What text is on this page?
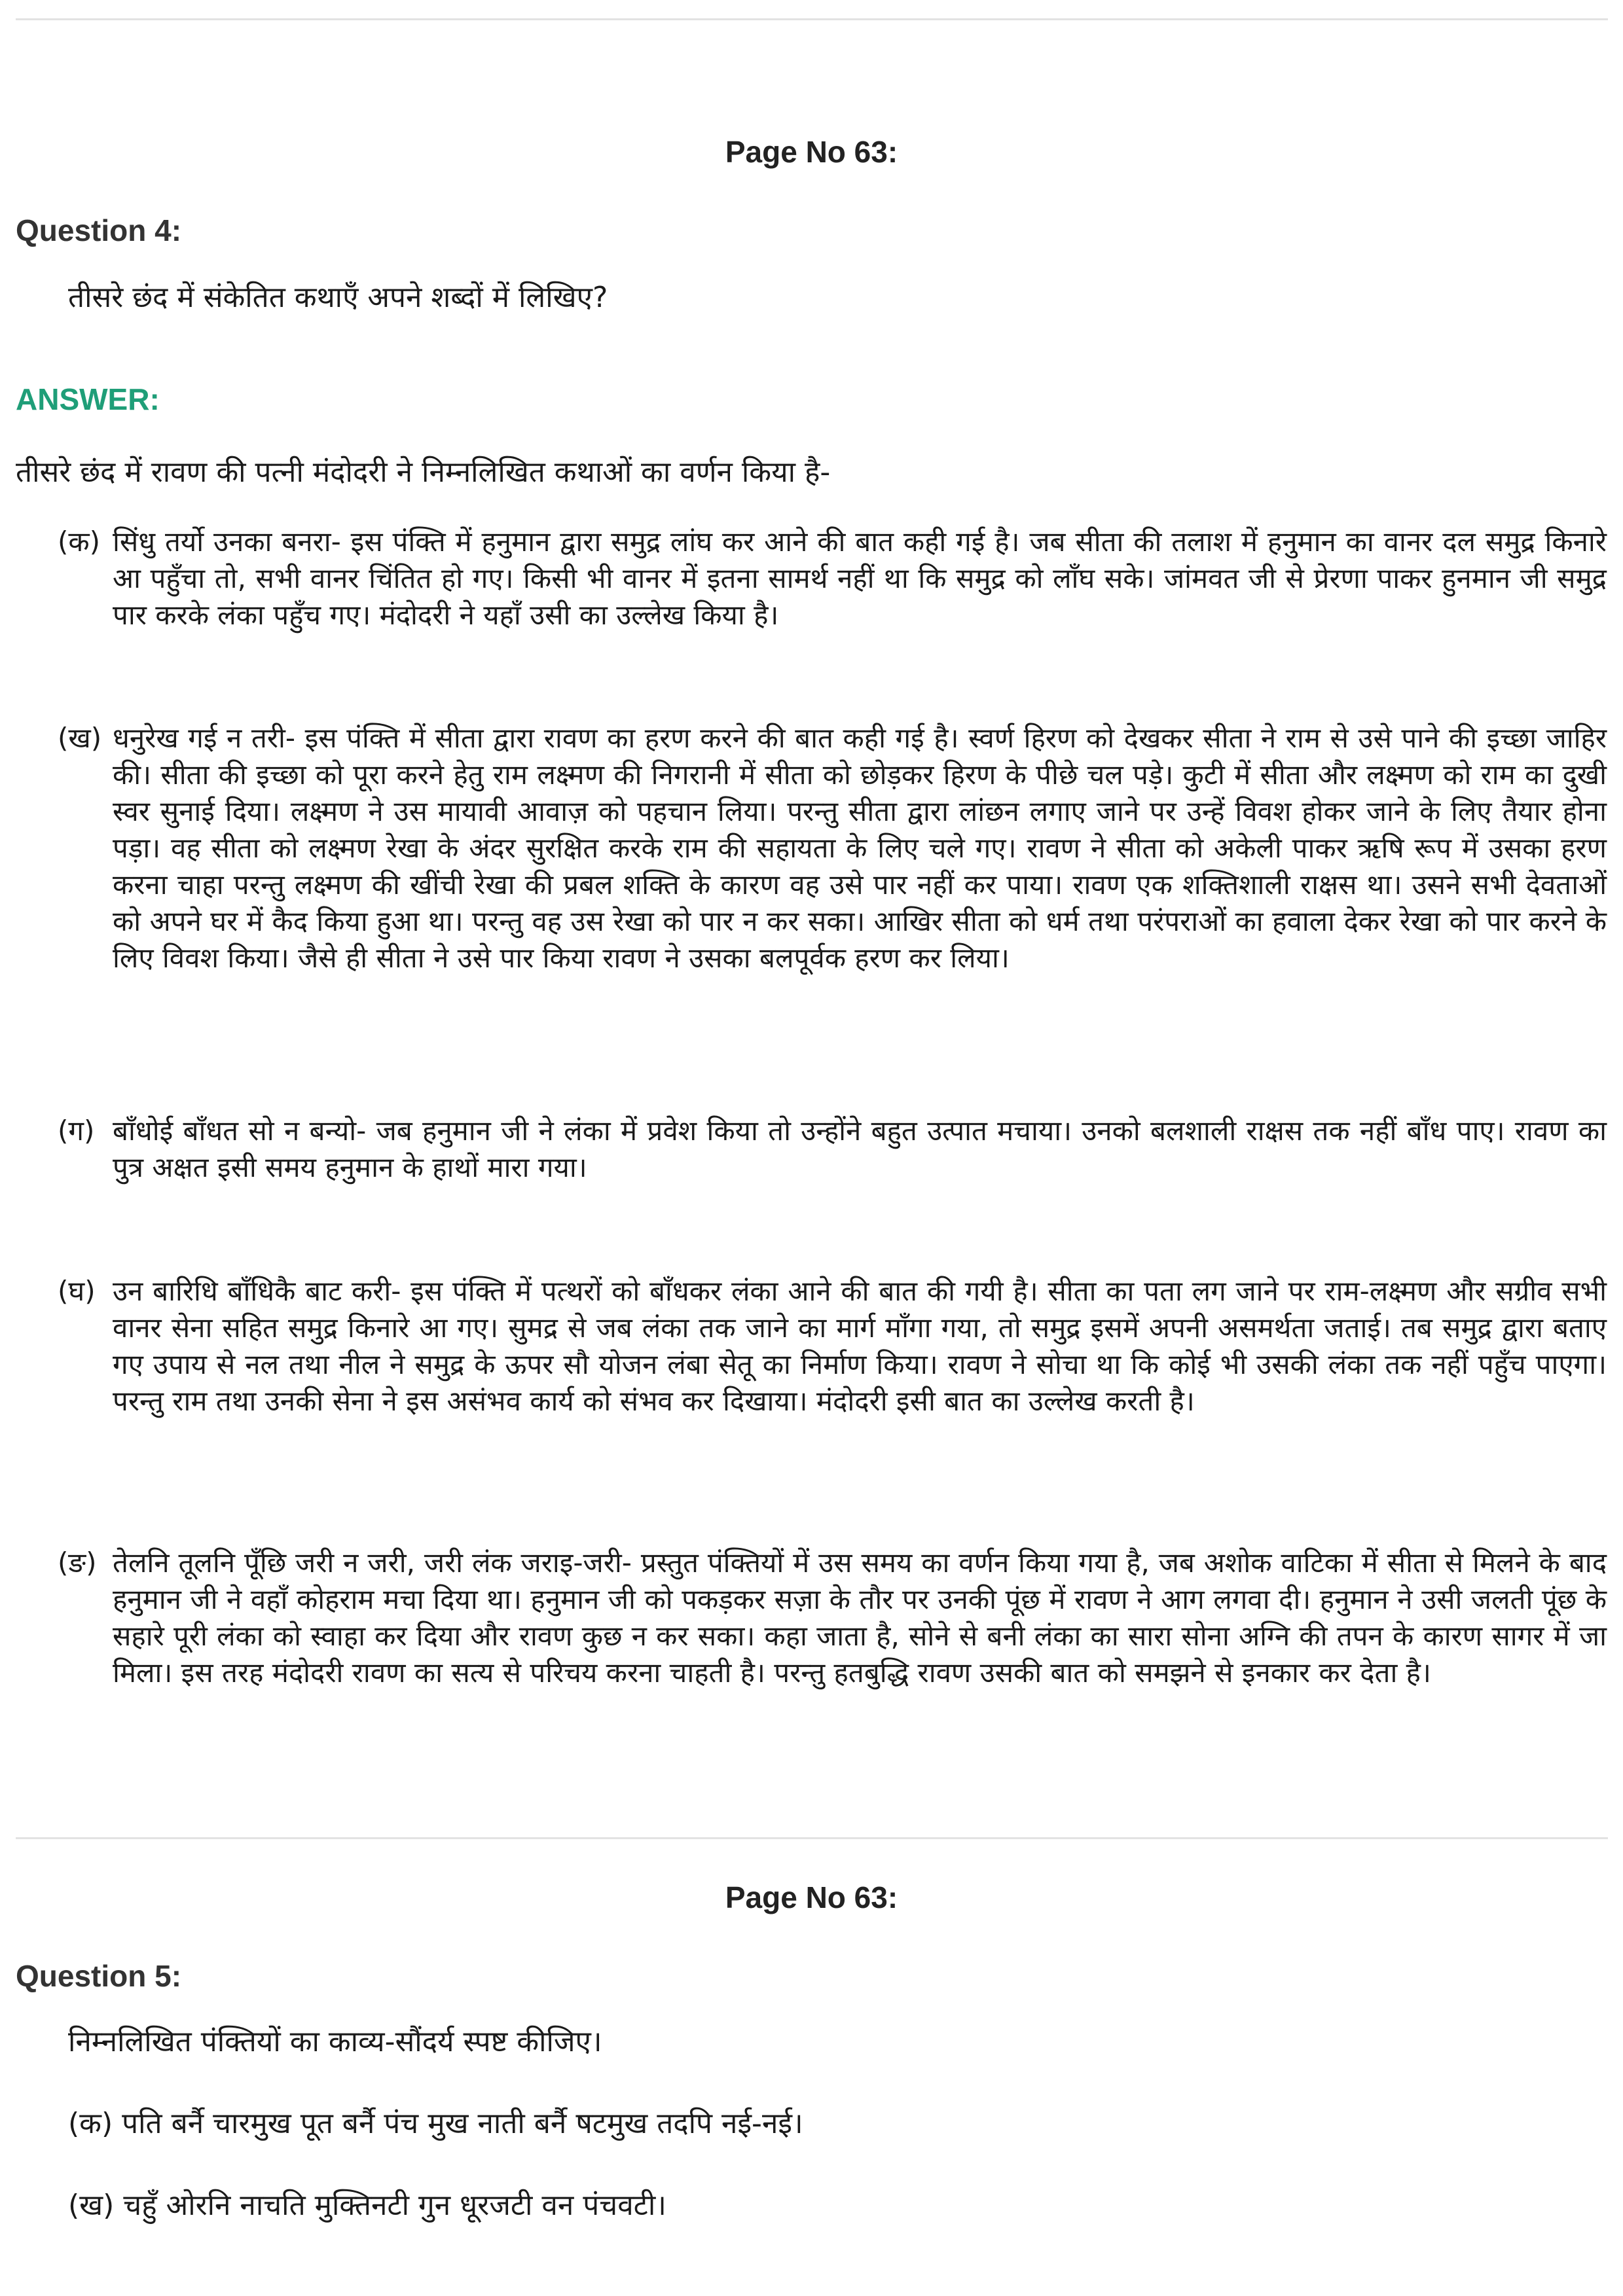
Page No 63:
Question 4:
तीसरे छंद में संकेतित कथाएँ अपने शब्दों में लिखिए?
ANSWER:
तीसरे छंद में रावण की पत्नी मंदोदरी ने निम्नलिखित कथाओं का वर्णन किया है-
(क) सिंधु तर्यो उनका बनरा- इस पंक्ति में हनुमान द्वारा समुद्र लांघ कर आने की बात कही गई है। जब सीता की तलाश में हनुमान का वानर दल समुद्र किनारे आ पहुँचा तो, सभी वानर चिंतित हो गए। किसी भी वानर में इतना सामर्थ नहीं था कि समुद्र को लाँघ सके। जांमवत जी से प्रेरणा पाकर हुनमान जी समुद्र पार करके लंका पहुँच गए। मंदोदरी ने यहाँ उसी का उल्लेख किया है।
(ख) धनुरेख गई न तरी- इस पंक्ति में सीता द्वारा रावण का हरण करने की बात कही गई है। स्वर्ण हिरण को देखकर सीता ने राम से उसे पाने की इच्छा जाहिर की। सीता की इच्छा को पूरा करने हेतु राम लक्ष्मण की निगरानी में सीता को छोड़कर हिरण के पीछे चल पड़े। कुटी में सीता और लक्ष्मण को राम का दुखी स्वर सुनाई दिया। लक्ष्मण ने उस मायावी आवाज़ को पहचान लिया। परन्तु सीता द्वारा लांछन लगाए जाने पर उन्हें विवश होकर जाने के लिए तैयार होना पड़ा। वह सीता को लक्ष्मण रेखा के अंदर सुरक्षित करके राम की सहायता के लिए चले गए। रावण ने सीता को अकेली पाकर ऋषि रूप में उसका हरण करना चाहा परन्तु लक्ष्मण की खींची रेखा की प्रबल शक्ति के कारण वह उसे पार नहीं कर पाया। रावण एक शक्तिशाली राक्षस था। उसने सभी देवताओं को अपने घर में कैद किया हुआ था। परन्तु वह उस रेखा को पार न कर सका। आखिर सीता को धर्म तथा परंपराओं का हवाला देकर रेखा को पार करने के लिए विवश किया। जैसे ही सीता ने उसे पार किया रावण ने उसका बलपूर्वक हरण कर लिया।
(ग) बाँधोई बाँधत सो न बन्यो- जब हनुमान जी ने लंका में प्रवेश किया तो उन्होंने बहुत उत्पात मचाया। उनको बलशाली राक्षस तक नहीं बाँध पाए। रावण का पुत्र अक्षत इसी समय हनुमान के हाथों मारा गया।
(घ) उन बारिधि बाँधिकै बाट करी- इस पंक्ति में पत्थरों को बाँधकर लंका आने की बात की गयी है। सीता का पता लग जाने पर राम-लक्ष्मण और सग्रीव सभी वानर सेना सहित समुद्र किनारे आ गए। सुमद्र से जब लंका तक जाने का मार्ग माँगा गया, तो समुद्र इसमें अपनी असमर्थता जताई। तब समुद्र द्वारा बताए गए उपाय से नल तथा नील ने समुद्र के ऊपर सौ योजन लंबा सेतू का निर्माण किया। रावण ने सोचा था कि कोई भी उसकी लंका तक नहीं पहुँच पाएगा। परन्तु राम तथा उनकी सेना ने इस असंभव कार्य को संभव कर दिखाया। मंदोदरी इसी बात का उल्लेख करती है।
(ङ) तेलनि तूलनि पूँछि जरी न जरी, जरी लंक जराइ-जरी- प्रस्तुत पंक्तियों में उस समय का वर्णन किया गया है, जब अशोक वाटिका में सीता से मिलने के बाद हनुमान जी ने वहाँ कोहराम मचा दिया था। हनुमान जी को पकड़कर सज़ा के तौर पर उनकी पूंछ में रावण ने आग लगवा दी। हनुमान ने उसी जलती पूंछ के सहारे पूरी लंका को स्वाहा कर दिया और रावण कुछ न कर सका। कहा जाता है, सोने से बनी लंका का सारा सोना अग्नि की तपन के कारण सागर में जा मिला। इस तरह मंदोदरी रावण का सत्य से परिचय करना चाहती है। परन्तु हतबुद्धि रावण उसकी बात को समझने से इनकार कर देता है।
Page No 63:
Question 5:
निम्नलिखित पंक्तियों का काव्य-सौंदर्य स्पष्ट कीजिए।
(क) पति बर्नै चारमुख पूत बर्नै पंच मुख नाती बर्नै षटमुख तदपि नई-नई।
(ख) चहुँ ओरनि नाचति मुक्तिनटी गुन धूरजटी वन पंचवटी।
